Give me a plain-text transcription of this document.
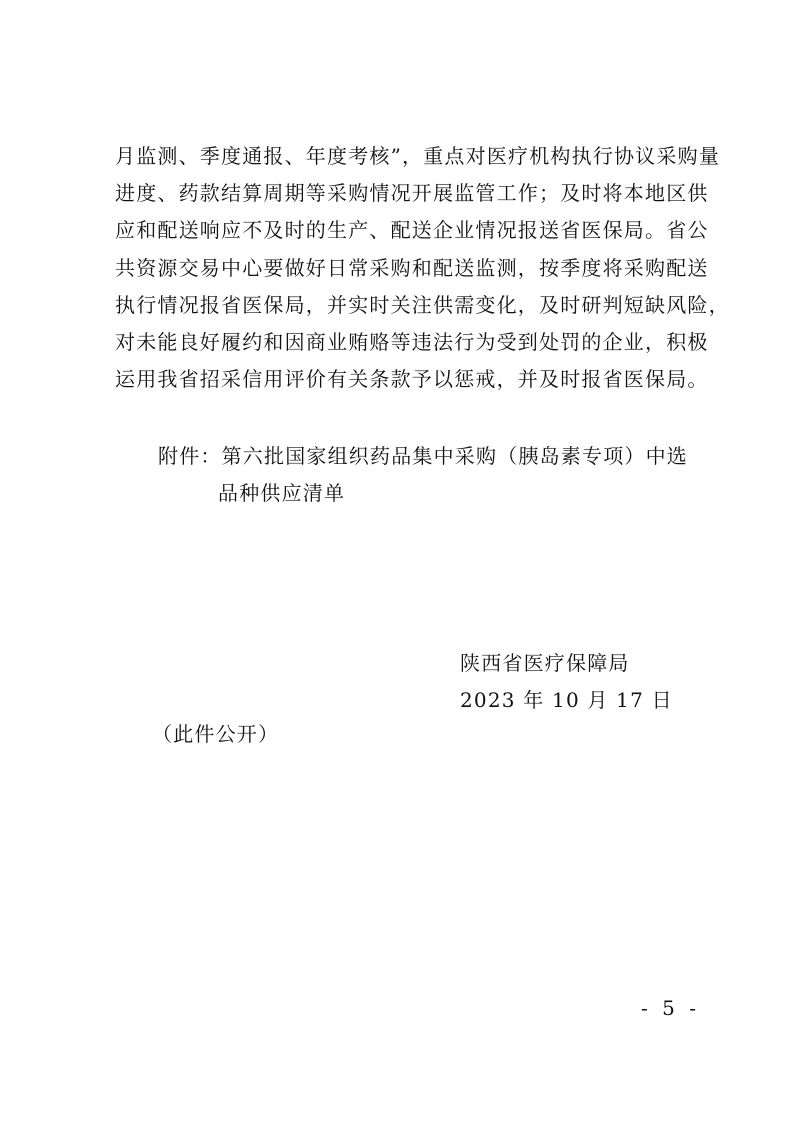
月监测、季度通报、年度考核”，重点对医疗机构执行协议采购量
进度、药款结算周期等采购情况开展监管工作；及时将本地区供
应和配送响应不及时的生产、配送企业情况报送省医保局。省公
共资源交易中心要做好日常采购和配送监测，按季度将采购配送
执行情况报省医保局，并实时关注供需变化，及时研判短缺风险，
对未能良好履约和因商业贿赂等违法行为受到处罚的企业，积极
运用我省招采信用评价有关条款予以惩戒，并及时报省医保局。
附件：第六批国家组织药品集中采购（胰岛素专项）中选
品种供应清单
陕西省医疗保障局
2023 年 10 月 17 日
（此件公开）
- 5 -
